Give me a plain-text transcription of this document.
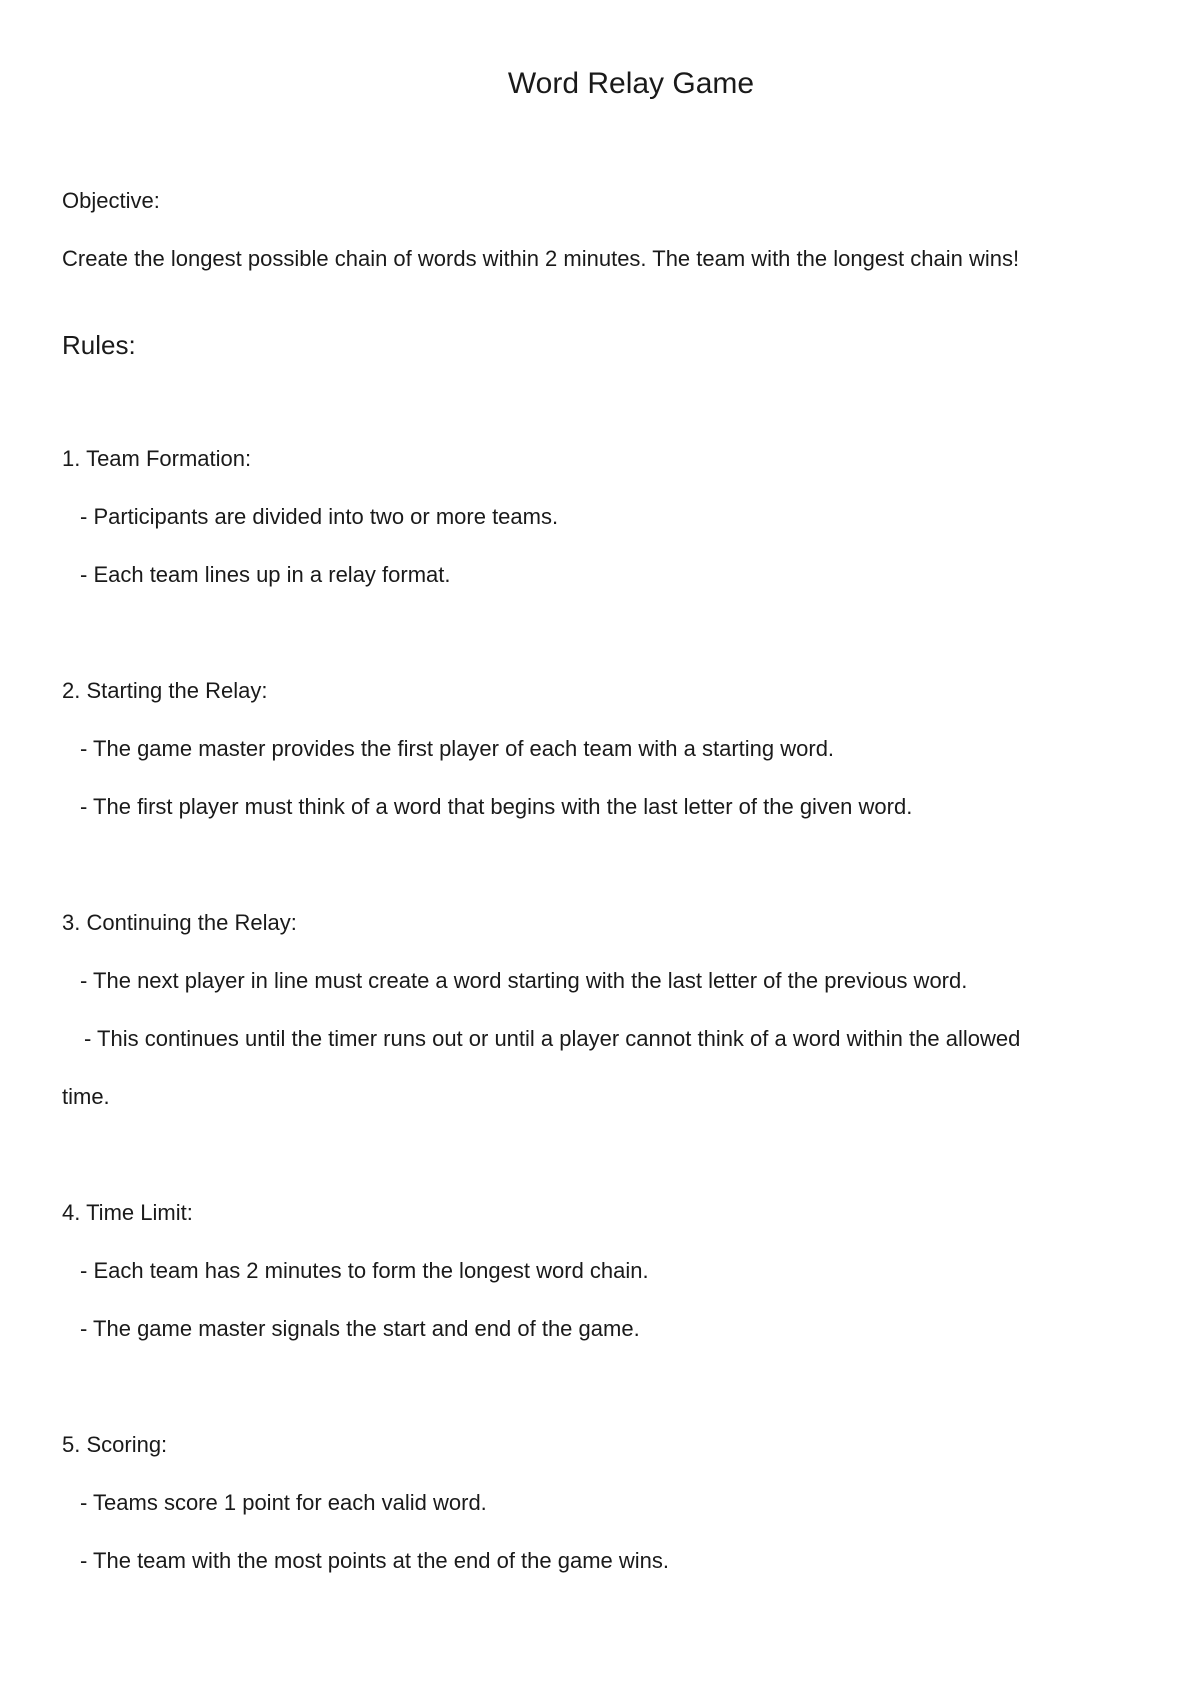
Word Relay Game
Objective:
Create the longest possible chain of words within 2 minutes. The team with the longest chain wins!
Rules:
1. Team Formation:
- Participants are divided into two or more teams.
- Each team lines up in a relay format.
2. Starting the Relay:
- The game master provides the first player of each team with a starting word.
- The first player must think of a word that begins with the last letter of the given word.
3. Continuing the Relay:
- The next player in line must create a word starting with the last letter of the previous word.
- This continues until the timer runs out or until a player cannot think of a word within the allowed
time.
4. Time Limit:
- Each team has 2 minutes to form the longest word chain.
- The game master signals the start and end of the game.
5. Scoring:
- Teams score 1 point for each valid word.
- The team with the most points at the end of the game wins.
